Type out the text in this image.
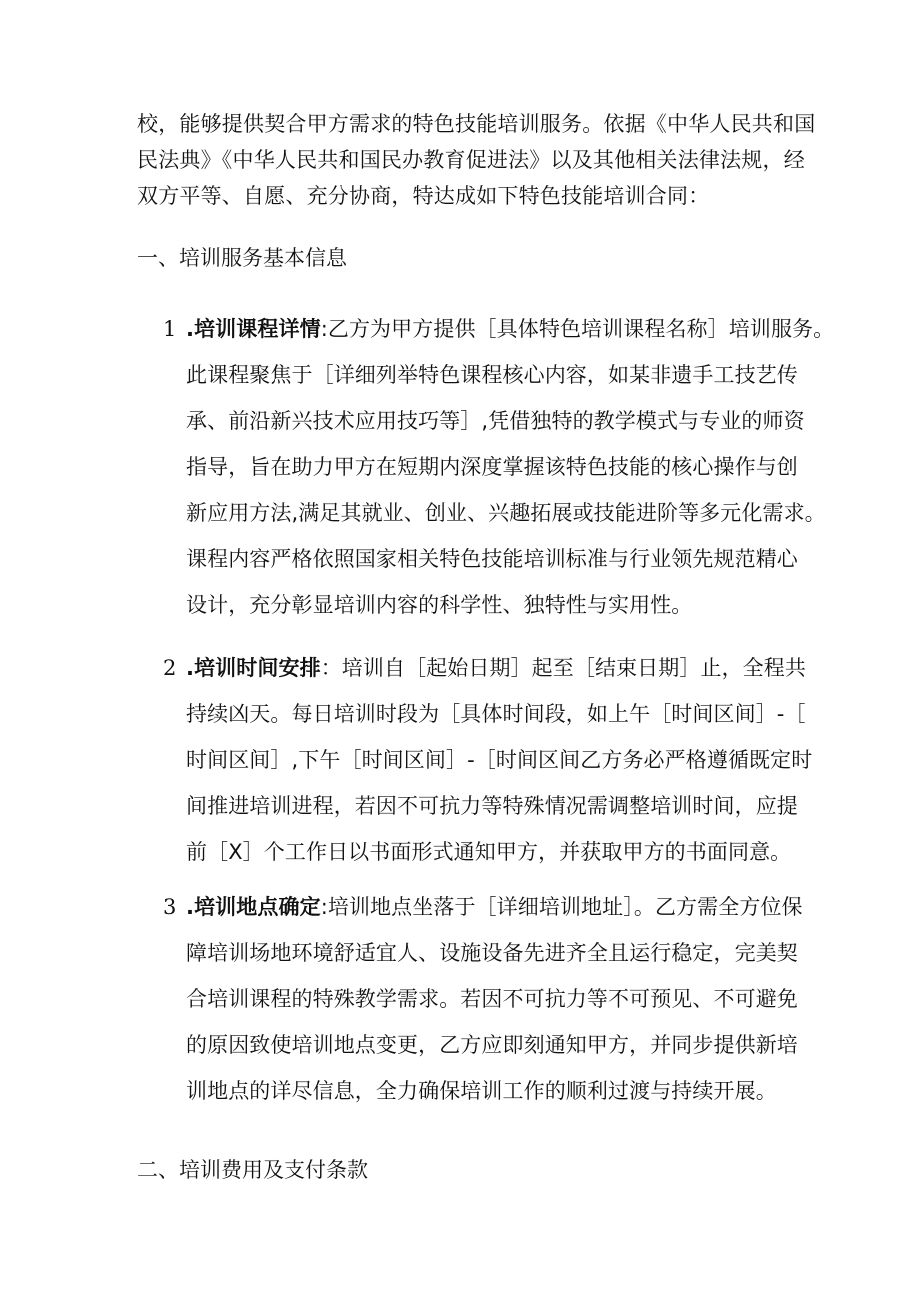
校，能够提供契合甲方需求的特色技能培训服务。依据《中华人民共和国
民法典》《中华人民共和国民办教育促进法》以及其他相关法律法规，经
双方平等、自愿、充分协商，特达成如下特色技能培训合同：

一、培训服务基本信息
1 .培训课程详情:乙方为甲方提供［具体特色培训课程名称］培训服务。
此课程聚焦于［详细列举特色课程核心内容，如某非遗手工技艺传
承、前沿新兴技术应用技巧等］,凭借独特的教学模式与专业的师资
指导，旨在助力甲方在短期内深度掌握该特色技能的核心操作与创
新应用方法,满足其就业、创业、兴趣拓展或技能进阶等多元化需求。
课程内容严格依照国家相关特色技能培训标准与行业领先规范精心
设计，充分彰显培训内容的科学性、独特性与实用性。
2 .培训时间安排：培训自［起始日期］起至［结束日期］止，全程共
持续凶天。每日培训时段为［具体时间段，如上午［时间区间］-［
时间区间］,下午［时间区间］-［时间区间乙方务必严格遵循既定时
间推进培训进程，若因不可抗力等特殊情况需调整培训时间，应提
前［X］个工作日以书面形式通知甲方，并获取甲方的书面同意。
3 .培训地点确定:培训地点坐落于［详细培训地址］。乙方需全方位保
障培训场地环境舒适宜人、设施设备先进齐全且运行稳定，完美契
合培训课程的特殊教学需求。若因不可抗力等不可预见、不可避免
的原因致使培训地点变更，乙方应即刻通知甲方，并同步提供新培
训地点的详尽信息，全力确保培训工作的顺利过渡与持续开展。
二、培训费用及支付条款
